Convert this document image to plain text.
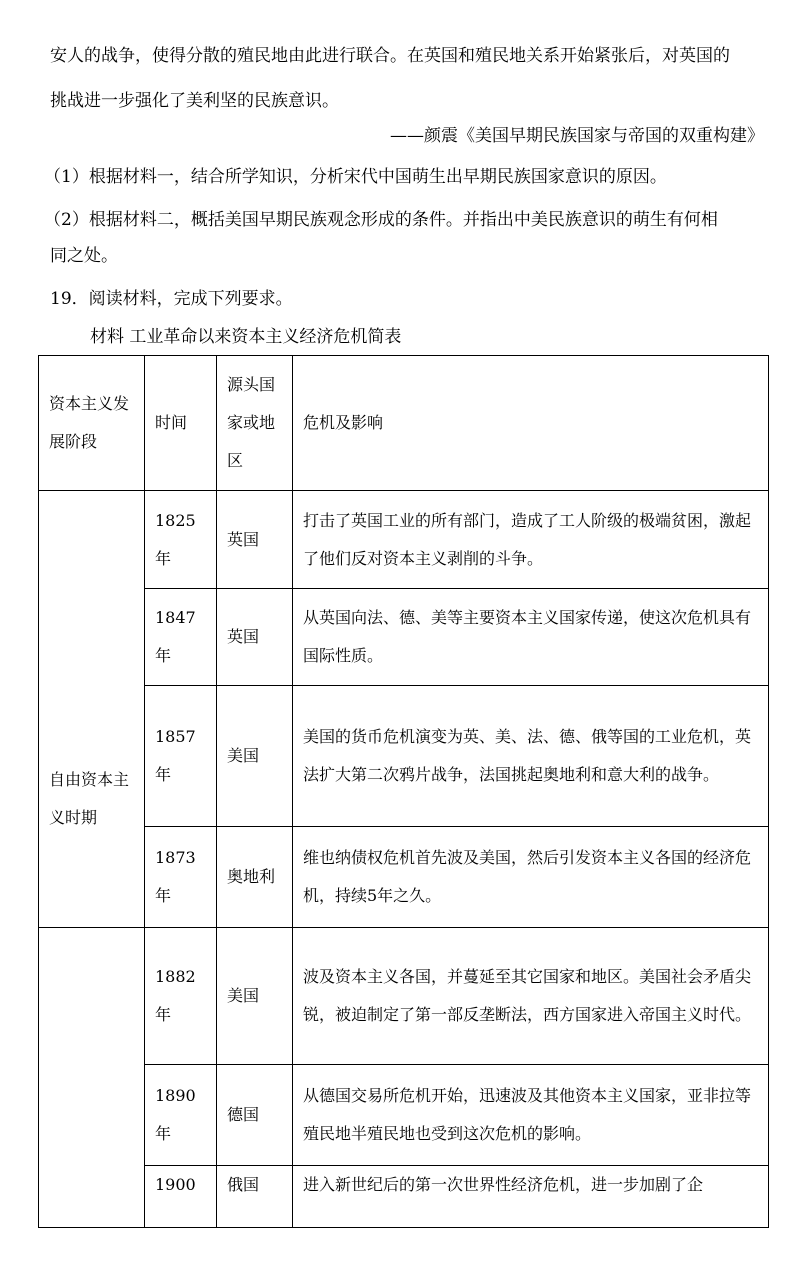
安人的战争，使得分散的殖民地由此进行联合。在英国和殖民地关系开始紧张后，对英国的
挑战进一步强化了美利坚的民族意识。
——颜震《美国早期民族国家与帝国的双重构建》
（1）根据材料一，结合所学知识，分析宋代中国萌生出早期民族国家意识的原因。
（2）根据材料二，概括美国早期民族观念形成的条件。并指出中美民族意识的萌生有何相
同之处。
19．阅读材料，完成下列要求。
材料 工业革命以来资本主义经济危机简表
资本主义发展阶段	时间	源头国家或地区	危机及影响

自由资本主义时期	1825年	英国	打击了英国工业的所有部门，造成了工人阶级的极端贫困，激起了他们反对资本主义剥削的斗争。

	1847年	英国	从英国向法、德、美等主要资本主义国家传递，使这次危机具有国际性质。

	1857年	美国	美国的货币危机演变为英、美、法、德、俄等国的工业危机，英法扩大第二次鸦片战争，法国挑起奥地利和意大利的战争。

	1873年	奥地利	维也纳债权危机首先波及美国，然后引发资本主义各国的经济危机，持续5年之久。

	1882年	美国	波及资本主义各国，并蔓延至其它国家和地区。美国社会矛盾尖锐，被迫制定了第一部反垄断法，西方国家进入帝国主义时代。

	1890年	德国	从德国交易所危机开始，迅速波及其他资本主义国家，亚非拉等殖民地半殖民地也受到这次危机的影响。

	1900	俄国	进入新世纪后的第一次世界性经济危机，进一步加剧了企
